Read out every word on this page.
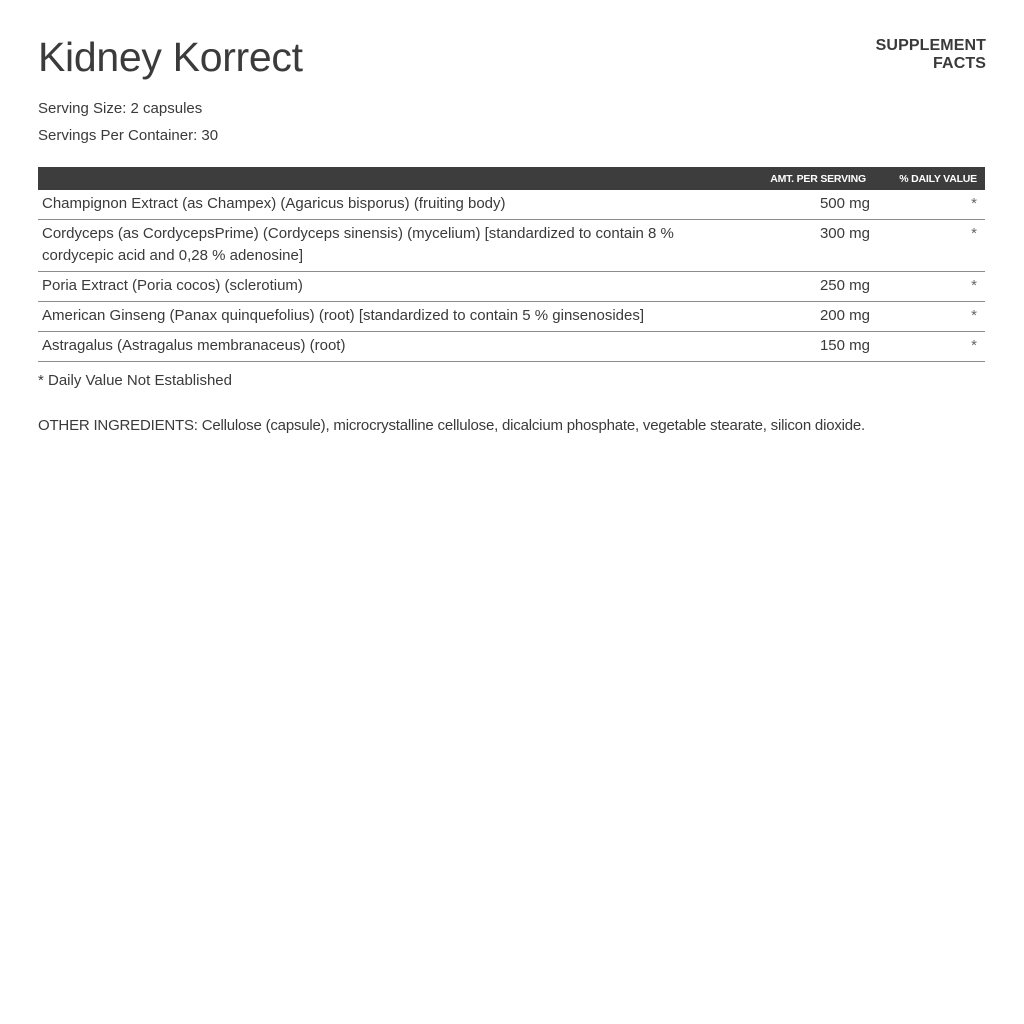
Kidney Korrect	SUPPLEMENT
FACTS
Serving Size: 2 capsules
Servings Per Container: 30
	AMT. PER SERVING	% DAILY VALUE
Champignon Extract (as Champex) (Agaricus bisporus) (fruiting body)	500 mg	*
Cordyceps (as CordycepsPrime) (Cordyceps sinensis) (mycelium) [standardized to contain 8 % cordycepic acid and 0,28 % adenosine]	300 mg	*
Poria Extract (Poria cocos) (sclerotium)	250 mg	*
American Ginseng (Panax quinquefolius) (root) [standardized to contain 5 % ginsenosides]	200 mg	*
Astragalus (Astragalus membranaceus) (root)	150 mg	*
* Daily Value Not Established
OTHER INGREDIENTS: Cellulose (capsule), microcrystalline cellulose, dicalcium phosphate, vegetable stearate, silicon dioxide.
